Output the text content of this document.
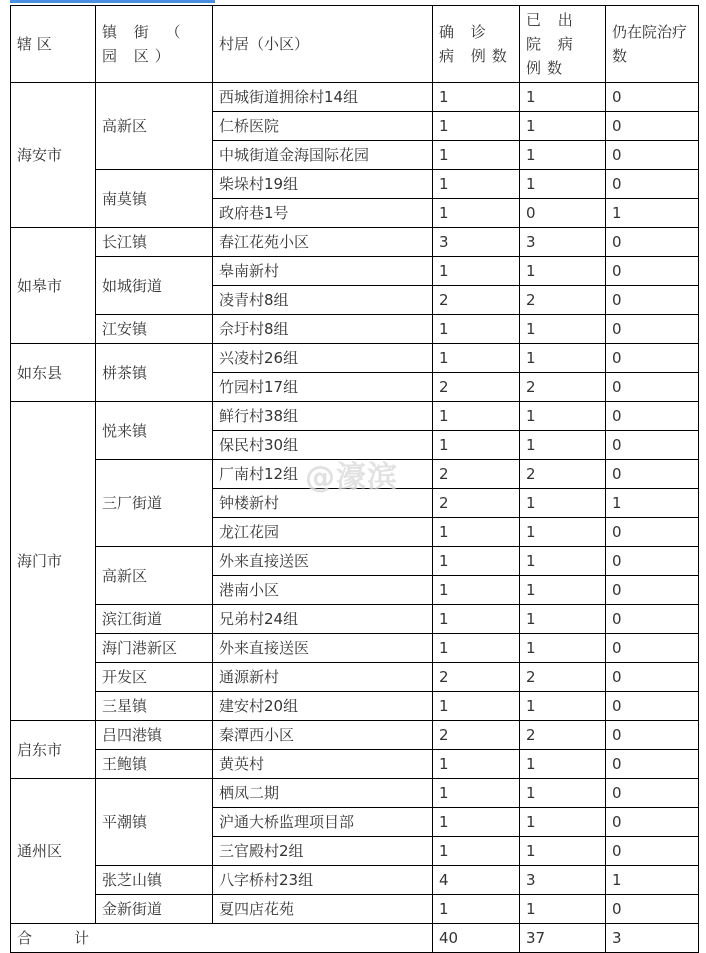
辖 区	镇 街 （ 园 区）	村居（小区）	确 诊 病 例数	已 出 院 病例数	仍在院治疗数
海安市	高新区	西城街道拥徐村14组	1	1	0
		仁桥医院	1	1	0
		中城街道金海国际花园	1	1	0
	南莫镇	柴垛村19组	1	1	0
		政府巷1号	1	0	1
如皋市	长江镇	春江花苑小区	3	3	0
	如城街道	皋南新村	1	1	0
		凌青村8组	2	2	0
	江安镇	佘圩村8组	1	1	0
如东县	栟茶镇	兴凌村26组	1	1	0
		竹园村17组	2	2	0
海门市	悦来镇	鲜行村38组	1	1	0
		保民村30组	1	1	0
	三厂街道	厂南村12组	2	2	0
		钟楼新村	2	1	1
		龙江花园	1	1	0
	高新区	外来直接送医	1	1	0
		港南小区	1	1	0
	滨江街道	兄弟村24组	1	1	0
	海门港新区	外来直接送医	1	1	0
	开发区	通源新村	2	2	0
	三星镇	建安村20组	1	1	0
启东市	吕四港镇	秦潭西小区	2	2	0
	王鲍镇	黄英村	1	1	0
通州区	平潮镇	栖凤二期	1	1	0
		沪通大桥监理项目部	1	1	0
		三官殿村2组	1	1	0
	张芝山镇	八字桥村23组	4	3	1
	金新街道	夏四店花苑	1	1	0
合 计			40	37	3
@濠滨
